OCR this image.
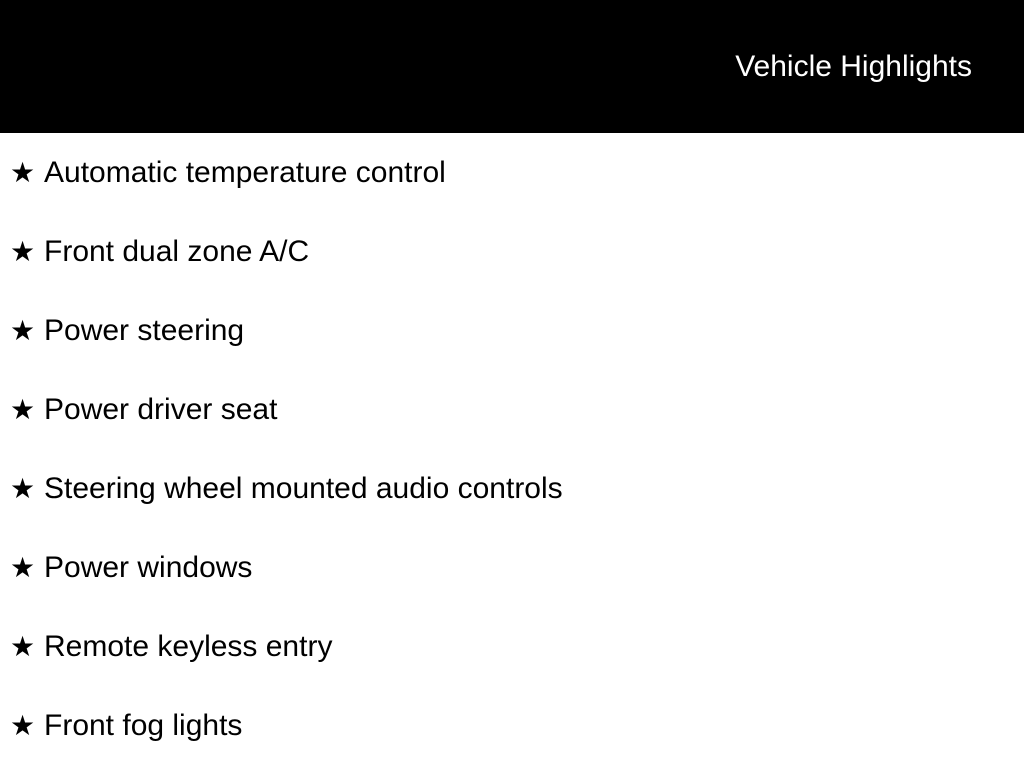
Vehicle Highlights
★ Automatic temperature control
★ Front dual zone A/C
★ Power steering
★ Power driver seat
★ Steering wheel mounted audio controls
★ Power windows
★ Remote keyless entry
★ Front fog lights
